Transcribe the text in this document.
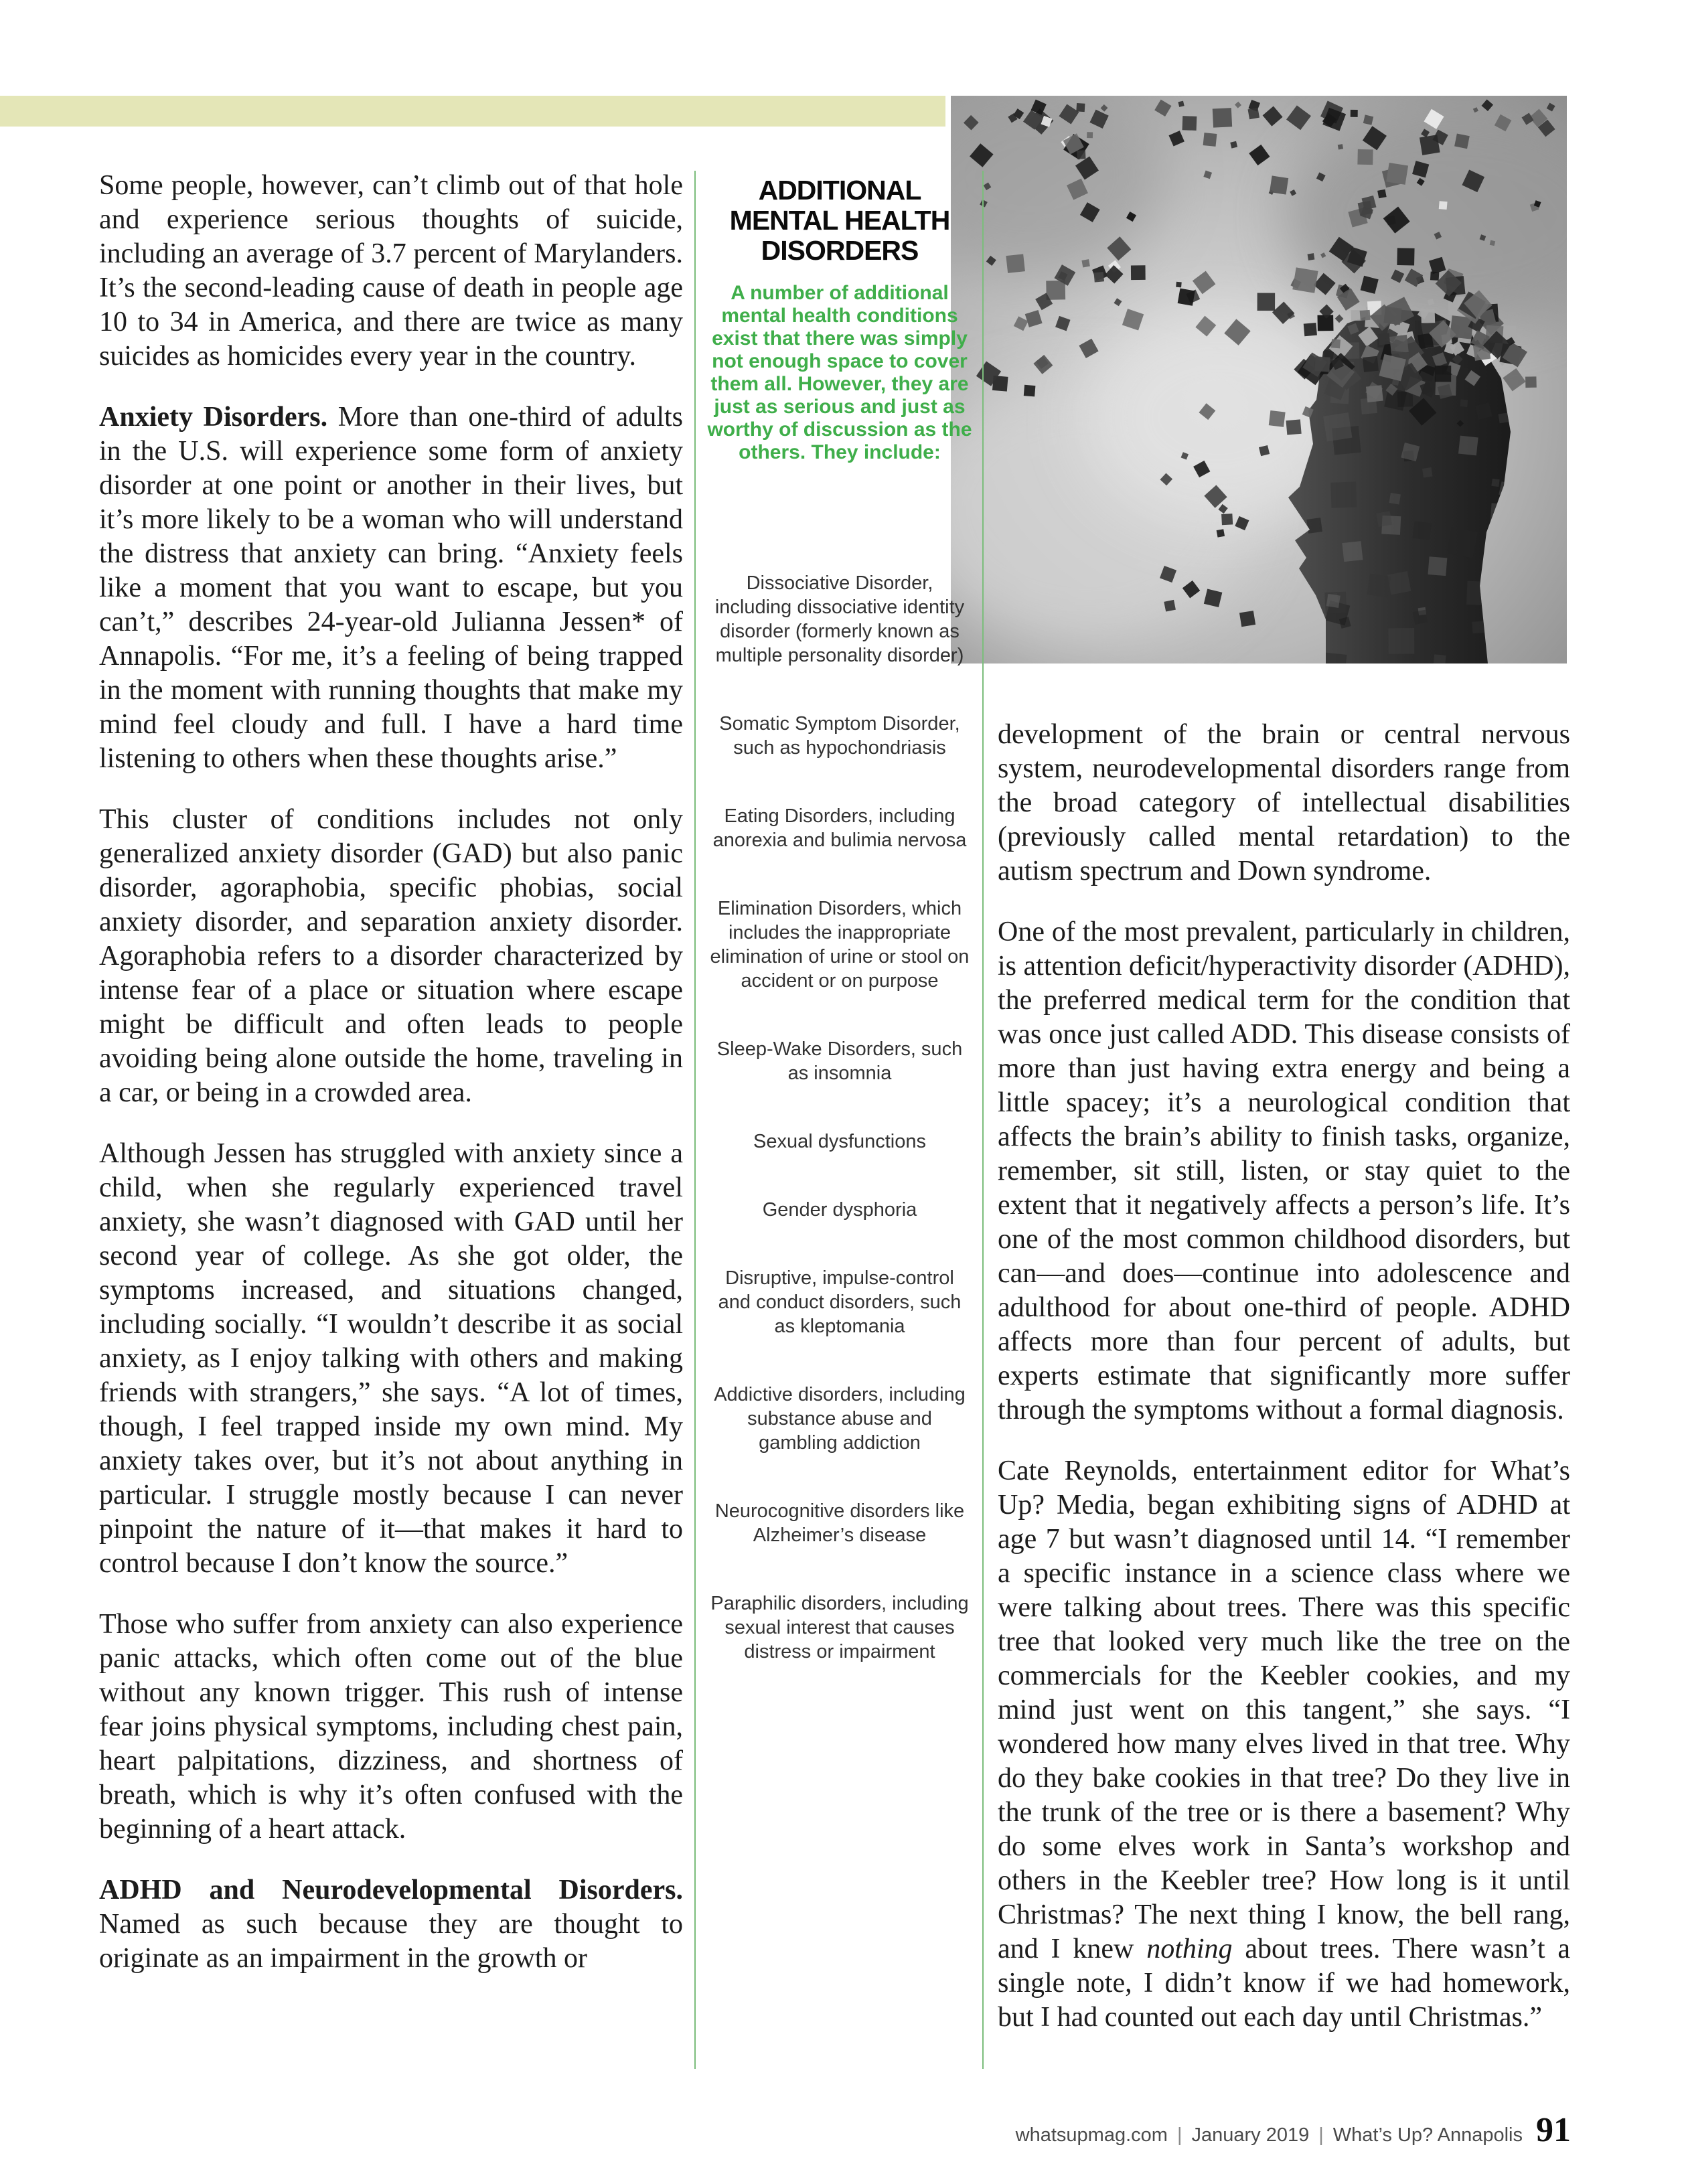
Some people, however, can’t climb out of that hole and experience serious thoughts of suicide, including an average of 3.7 percent of Marylanders. It’s the second-leading cause of death in people age 10 to 34 in America, and there are twice as many suicides as homicides every year in the country.

Anxiety Disorders. More than one-third of adults in the U.S. will experience some form of anxiety disorder at one point or another in their lives, but it’s more likely to be a woman who will understand the distress that anxiety can bring. “Anxiety feels like a moment that you want to escape, but you can’t,” describes 24-year-old Julianna Jessen* of Annapolis. “For me, it’s a feeling of being trapped in the moment with running thoughts that make my mind feel cloudy and full. I have a hard time listening to others when these thoughts arise.”

This cluster of conditions includes not only generalized anxiety disorder (GAD) but also panic disorder, agoraphobia, specific phobias, social anxiety disorder, and separation anxiety disorder. Agoraphobia refers to a disorder characterized by intense fear of a place or situation where escape might be difficult and often leads to people avoiding being alone outside the home, traveling in a car, or being in a crowded area.

Although Jessen has struggled with anxiety since a child, when she regularly experienced travel anxiety, she wasn’t diagnosed with GAD until her second year of college. As she got older, the symptoms increased, and situations changed, including socially. “I wouldn’t describe it as social anxiety, as I enjoy talking with others and making friends with strangers,” she says. “A lot of times, though, I feel trapped inside my own mind. My anxiety takes over, but it’s not about anything in particular. I struggle mostly because I can never pinpoint the nature of it—that makes it hard to control because I don’t know the source.”

Those who suffer from anxiety can also experience panic attacks, which often come out of the blue without any known trigger. This rush of intense fear joins physical symptoms, including chest pain, heart palpitations, dizziness, and shortness of breath, which is why it’s often confused with the beginning of a heart attack.

ADHD and Neurodevelopmental Disorders.Named as such because they are thought to originate as an impairment in the growth or

ADDITIONAL
MENTAL HEALTH
DISORDERS
A number of additional mental health conditions exist that there was simply not enough space to cover them all. However, they are just as serious and just as worthy of discussion as the others. They include:
Dissociative Disorder, including dissociative identity disorder (formerly known as multiple personality disorder)
Somatic Symptom Disorder, such as hypochondriasis
Eating Disorders, including anorexia and bulimia nervosa
Elimination Disorders, which includes the inappropriate elimination of urine or stool on accident or on purpose
Sleep-Wake Disorders, such as insomnia
Sexual dysfunctions
Gender dysphoria
Disruptive, impulse-control and conduct disorders, such as kleptomania
Addictive disorders, including substance abuse and gambling addiction
Neurocognitive disorders like Alzheimer’s disease
Paraphilic disorders, including sexual interest that causes distress or impairment

development of the brain or central nervous system, neurodevelopmental disorders range from the broad category of intellectual disabilities (previously called mental retardation) to the autism spectrum and Down syndrome.

One of the most prevalent, particularly in children, is attention deficit/hyperactivity disorder (ADHD), the preferred medical term for the condition that was once just called ADD. This disease consists of more than just having extra energy and being a little spacey; it’s a neurological condition that affects the brain’s ability to finish tasks, organize, remember, sit still, listen, or stay quiet to the extent that it negatively affects a person’s life. It’s one of the most common childhood disorders, but can—and does—continue into adolescence and adulthood for about one-third of people. ADHD affects more than four percent of adults, but experts estimate that significantly more suffer through the symptoms without a formal diagnosis.

Cate Reynolds, entertainment editor for What’s Up? Media, began exhibiting signs of ADHD at age 7 but wasn’t diagnosed until 14. “I remember a specific instance in a science class where we were talking about trees. There was this specific tree that looked very much like the tree on the commercials for the Keebler cookies, and my mind just went on this tangent,” she says. “I wondered how many elves lived in that tree. Why do they bake cookies in that tree? Do they live in the trunk of the tree or is there a basement? Why do some elves work in Santa’s workshop and others in the Keebler tree? How long is it until Christmas? The next thing I know, the bell rang, and I knew nothing about trees. There wasn’t a single note, I didn’t know if we had homework, but I had counted out each day until Christmas.”

whatsupmag.com | January 2019 | What’s Up? Annapolis 91
